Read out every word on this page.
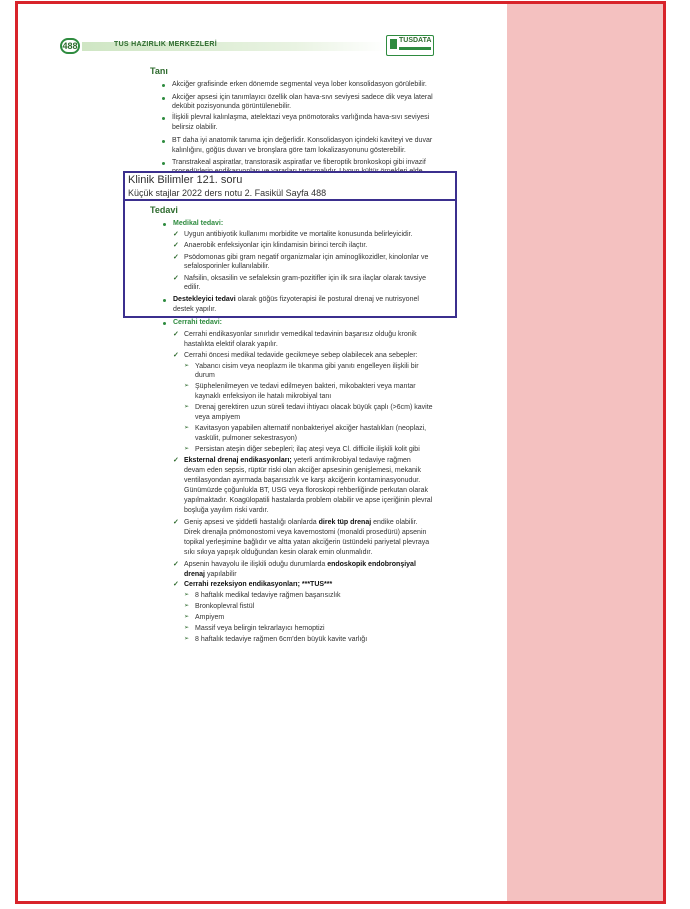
488	TUS HAZIRLIK MERKEZLERİ
TUSDATA
Tanı
Akciğer grafisinde erken dönemde segmental veya lober konsolidasyon görülebilir.
Akciğer apsesi için tanımlayıcı özellik olan hava-sıvı seviyesi sadece dik veya lateral
dekübit pozisyonunda görüntülenebilir.
İlişkili plevral kalınlaşma, atelektazi veya pnömotoraks varlığında hava-sıvı seviyesi
belirsiz olabilir.
BT daha iyi anatomik tanıma için değerlidir. Konsolidasyon içindeki kaviteyi ve duvar
kalınlığını, göğüs duvarı ve bronşlara göre tam lokalizasyonunu gösterebilir.
Transtrakeal aspiratlar, transtorasik aspiratlar ve fiberoptik bronkoskopi gibi invazif
Klinik Bilimler 121. soru
Küçük stajlar 2022 ders notu 2. Fasikül Sayfa 488
Tedavi
Medikal tedavi:
✓ Uygun antibiyotik kullanımı morbidite ve mortalite konusunda belirleyicidir.
✓ Anaerobik enfeksiyonlar için klindamisin birinci tercih ilaçtır.
✓ Psödomonas gibi gram negatif organizmalar için aminoglikozidler, kinolonlar ve
sefalosporinler kullanılabilir.
✓ Nafsilin, oksasilin ve sefaleksin gram-pozitifler için ilk sıra ilaçlar olarak tavsiye
edilir.
Destekleyici tedavi olarak göğüs fizyoterapisi ile postural drenaj ve nutrisyonel
destek yapılır.
Cerrahi tedavi:
✓ Cerrahi endikasyonlar sınırlıdır vemedikal tedavinin başarısız olduğu kronik
hastalıkta elektif olarak yapılır.
✓ Cerrahi öncesi medikal tedavide gecikmeye sebep olabilecek ana sebepler:
➢ Yabancı cisim veya neoplazm ile tıkanma gibi yanıtı engelleyen ilişkili bir
durum
➢ Şüphelenilmeyen ve tedavi edilmeyen bakteri, mikobakteri veya mantar
kaynaklı enfeksiyon ile hatalı mikrobiyal tanı
➢ Drenaj gerektiren uzun süreli tedavi ihtiyacı olacak büyük çaplı (>6cm) kavite
veya ampiyem
➢ Kavitasyon yapabilen alternatif nonbakteriyel akciğer hastalıkları (neoplazi,
vaskülit, pulmoner sekestrasyon)
➢ Persistan ateşin diğer sebepleri; ilaç ateşi veya Cl. difficile ilişkili kolit gibi
✓ Eksternal drenaj endikasyonları; yeterli antimikrobiyal tedaviye rağmen
devam eden sepsis, rüptür riski olan akciğer apsesinin genişlemesi, mekanik
ventilasyondan ayırmada başarısızlık ve karşı akciğerin kontaminasyonudur.
Günümüzde çoğunlukla BT, USG veya floroskopi rehberliğinde perkutan olarak
yapılmaktadır. Koagülopatili hastalarda problem olabilir ve apse içeriğinin plevral
boşluğa yayılım riski vardır.
✓ Geniş apsesi ve şiddetli hastalığı olanlarda direk tüp drenaj endike olabilir.
Direk drenajla pnömonostomi veya kavernostomi (monaldi prosedürü) apsenin
topikal yerleşimine bağlıdır ve altta yatan akciğerin üstündeki pariyetal plevraya
sıkı sıkıya yapışık olduğundan kesin olarak emin olunmalıdır.
✓ Apsenin havayolu ile ilişkili oduğu durumlarda endoskopik endobronşiyal
drenaj yapılabilir
✓ Cerrahi rezeksiyon endikasyonları; ***TUS***
➢ 8 haftalık medikal tedaviye rağmen başarısızlık
➢ Bronkoplevral fistül
➢ Ampiyem
➢ Massif veya belirgin tekrarlayıcı hemoptizi
➢ 8 haftalık tedaviye rağmen 6cm'den büyük kavite varlığı
